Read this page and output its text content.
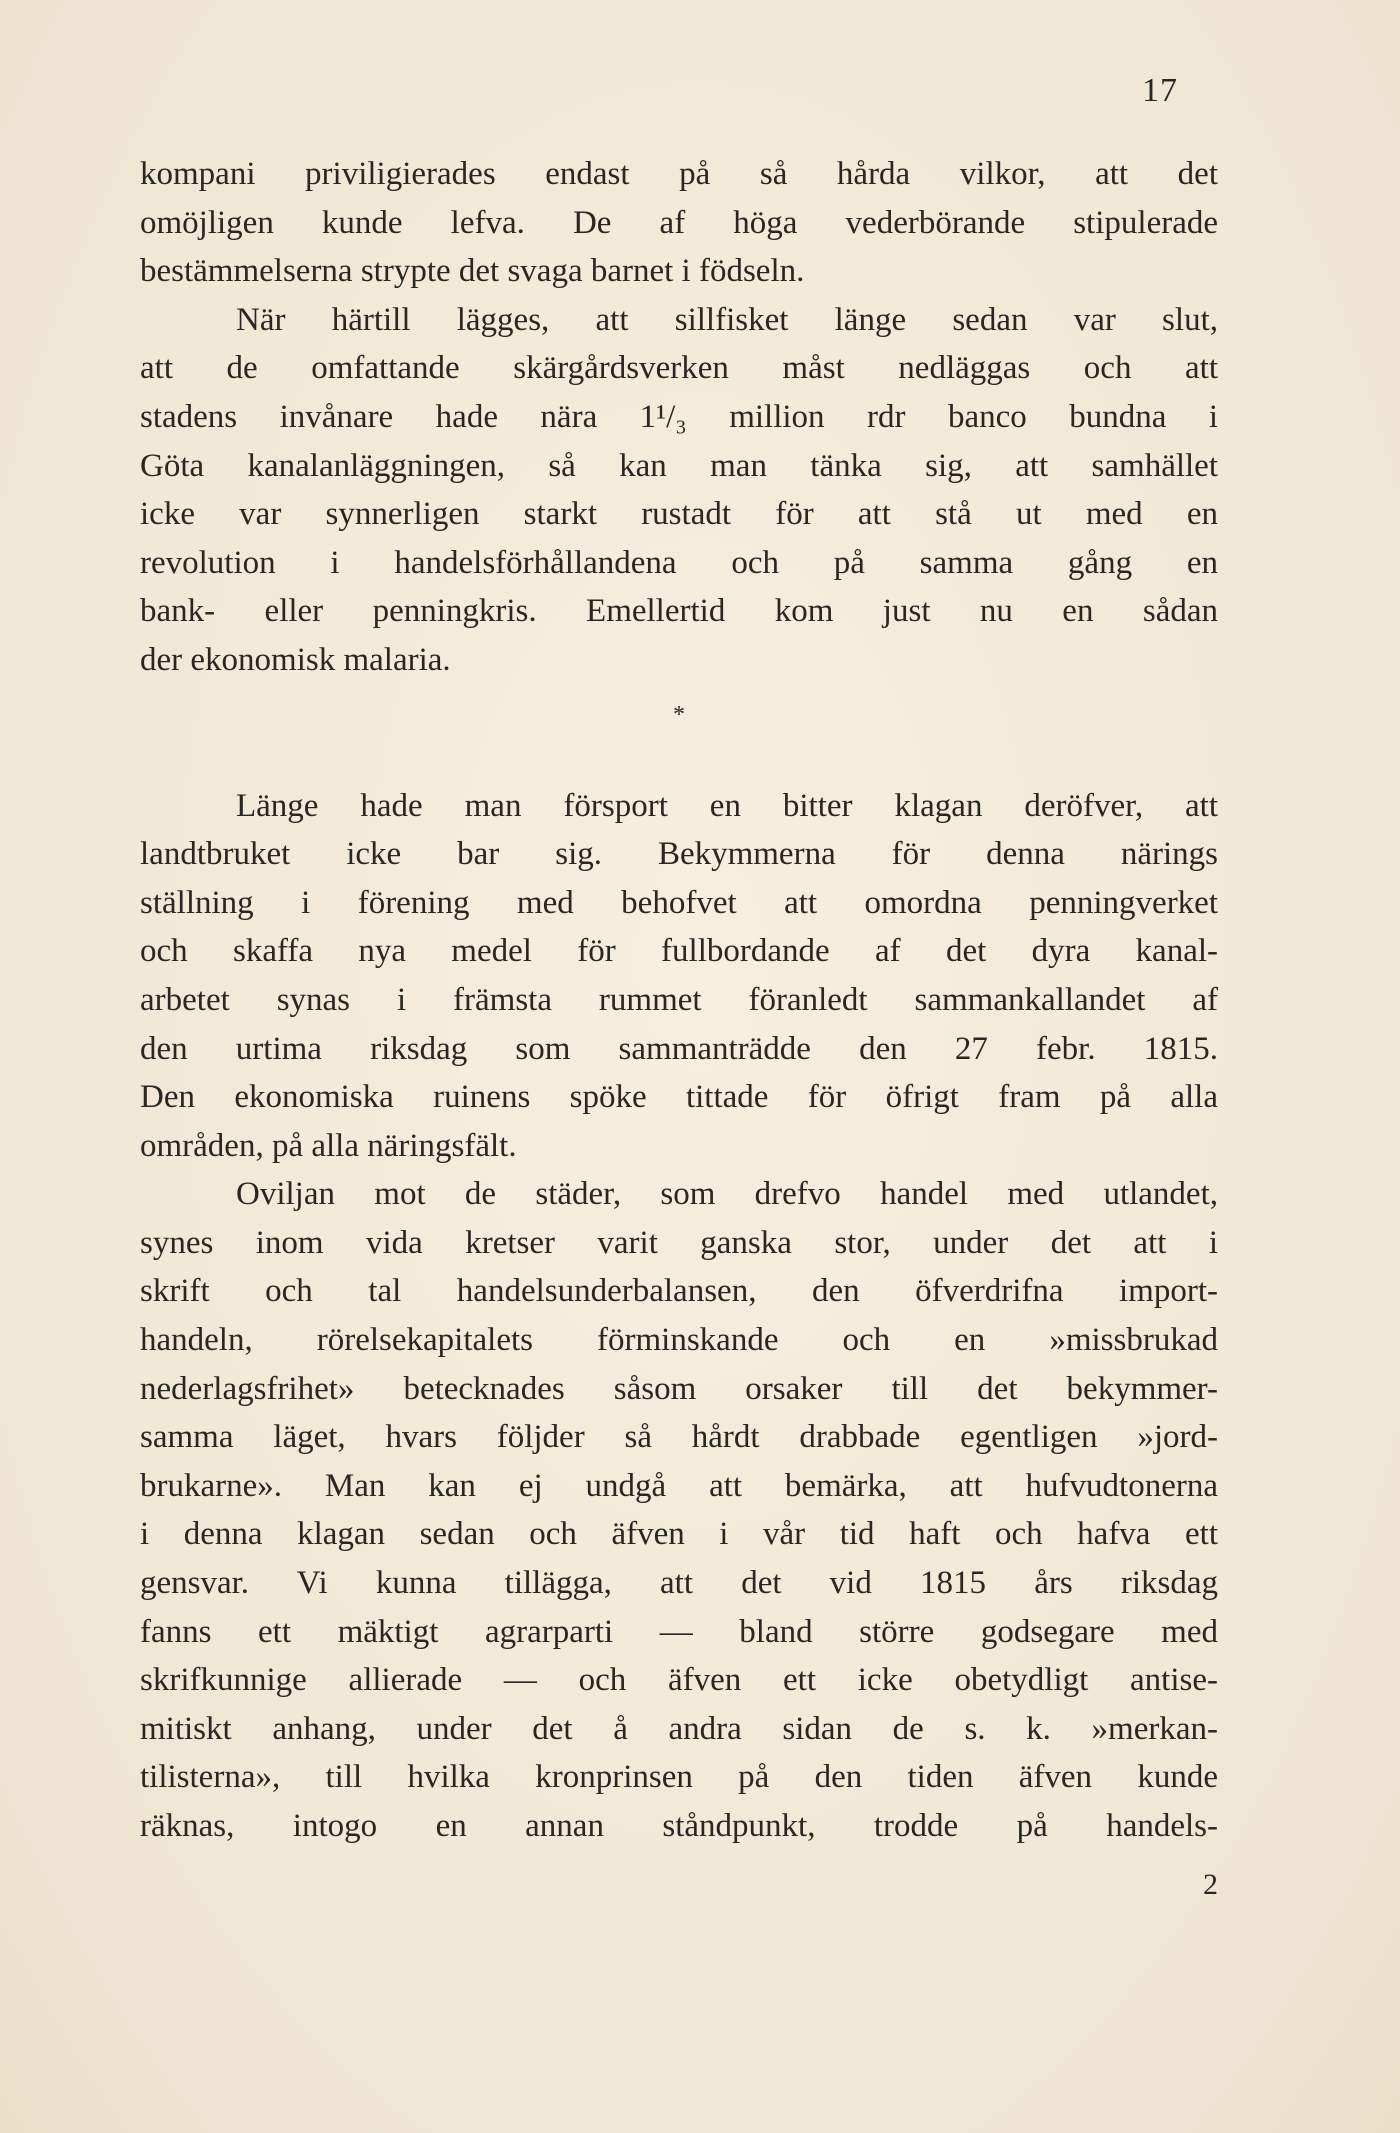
17
kompani priviligierades endast på så hårda vilkor, att det
omöjligen kunde lefva. De af höga vederbörande stipulerade
bestämmelserna strypte det svaga barnet i födseln.
När härtill lägges, att sillfisket länge sedan var slut,
att de omfattande skärgårdsverken måst nedläggas och att
stadens invånare hade nära 1¹/₃ million rdr banco bundna i
Göta kanalanläggningen, så kan man tänka sig, att samhället
icke var synnerligen starkt rustadt för att stå ut med en
revolution i handelsförhållandena och på samma gång en
bank- eller penningkris. Emellertid kom just nu en sådan
der ekonomisk malaria.
*
Länge hade man försport en bitter klagan deröfver, att
landtbruket icke bar sig. Bekymmerna för denna närings
ställning i förening med behofvet att omordna penningverket
och skaffa nya medel för fullbordande af det dyra kanal-
arbetet synas i främsta rummet föranledt sammankallandet af
den urtima riksdag som sammanträdde den 27 febr. 1815.
Den ekonomiska ruinens spöke tittade för öfrigt fram på alla
områden, på alla näringsfält.
Oviljan mot de städer, som drefvo handel med utlandet,
synes inom vida kretser varit ganska stor, under det att i
skrift och tal handelsunderbalansen, den öfverdrifna import-
handeln, rörelsekapitalets förminskande och en »missbrukad
nederlagsfrihet» betecknades såsom orsaker till det bekymmer-
samma läget, hvars följder så hårdt drabbade egentligen »jord-
brukarne». Man kan ej undgå att bemärka, att hufvudtonerna
i denna klagan sedan och äfven i vår tid haft och hafva ett
gensvar. Vi kunna tillägga, att det vid 1815 års riksdag
fanns ett mäktigt agrarparti — bland större godsegare med
skrifkunnige allierade — och äfven ett icke obetydligt antise-
mitiskt anhang, under det å andra sidan de s. k. »merkan-
tilisterna», till hvilka kronprinsen på den tiden äfven kunde
räknas, intogo en annan ståndpunkt, trodde på handels-
2
